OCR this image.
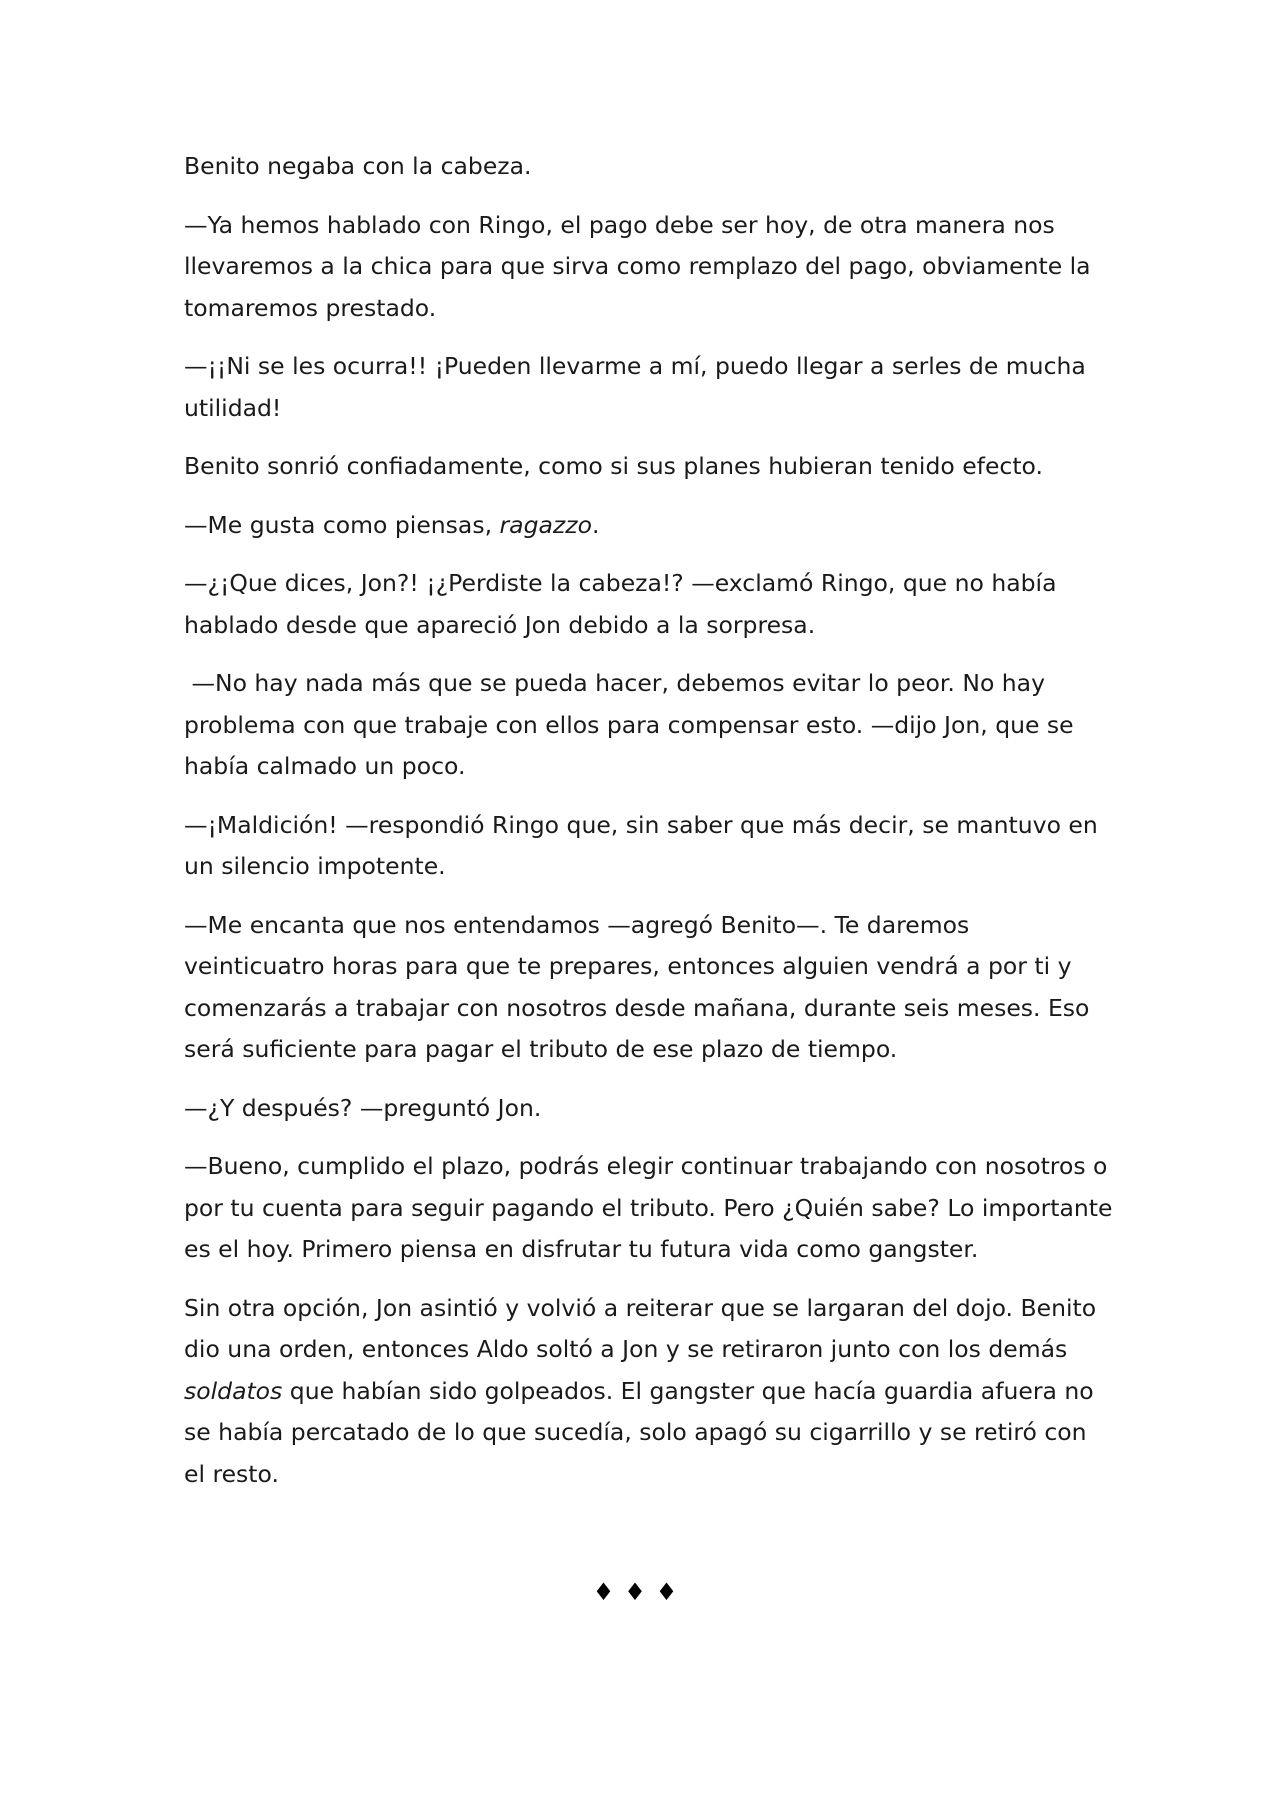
Benito negaba con la cabeza.

—Ya hemos hablado con Ringo, el pago debe ser hoy, de otra manera nos llevaremos a la chica para que sirva como remplazo del pago, obviamente la tomaremos prestado.

—¡¡Ni se les ocurra!! ¡Pueden llevarme a mí, puedo llegar a serles de mucha utilidad!

Benito sonrió confiadamente, como si sus planes hubieran tenido efecto.

—Me gusta como piensas, ragazzo.

—¿¡Que dices, Jon?! ¡¿Perdiste la cabeza!? —exclamó Ringo, que no había hablado desde que apareció Jon debido a la sorpresa.

—No hay nada más que se pueda hacer, debemos evitar lo peor. No hay problema con que trabaje con ellos para compensar esto. —dijo Jon, que se había calmado un poco.

—¡Maldición! —respondió Ringo que, sin saber que más decir, se mantuvo en un silencio impotente.

—Me encanta que nos entendamos —agregó Benito—. Te daremos veinticuatro horas para que te prepares, entonces alguien vendrá a por ti y comenzarás a trabajar con nosotros desde mañana, durante seis meses. Eso será suficiente para pagar el tributo de ese plazo de tiempo.

—¿Y después? —preguntó Jon.

—Bueno, cumplido el plazo, podrás elegir continuar trabajando con nosotros o por tu cuenta para seguir pagando el tributo. Pero ¿Quién sabe? Lo importante es el hoy. Primero piensa en disfrutar tu futura vida como gangster.

Sin otra opción, Jon asintió y volvió a reiterar que se largaran del dojo. Benito dio una orden, entonces Aldo soltó a Jon y se retiraron junto con los demás soldatos que habían sido golpeados. El gangster que hacía guardia afuera no se había percatado de lo que sucedía, solo apagó su cigarrillo y se retiró con el resto.

♦♦♦
